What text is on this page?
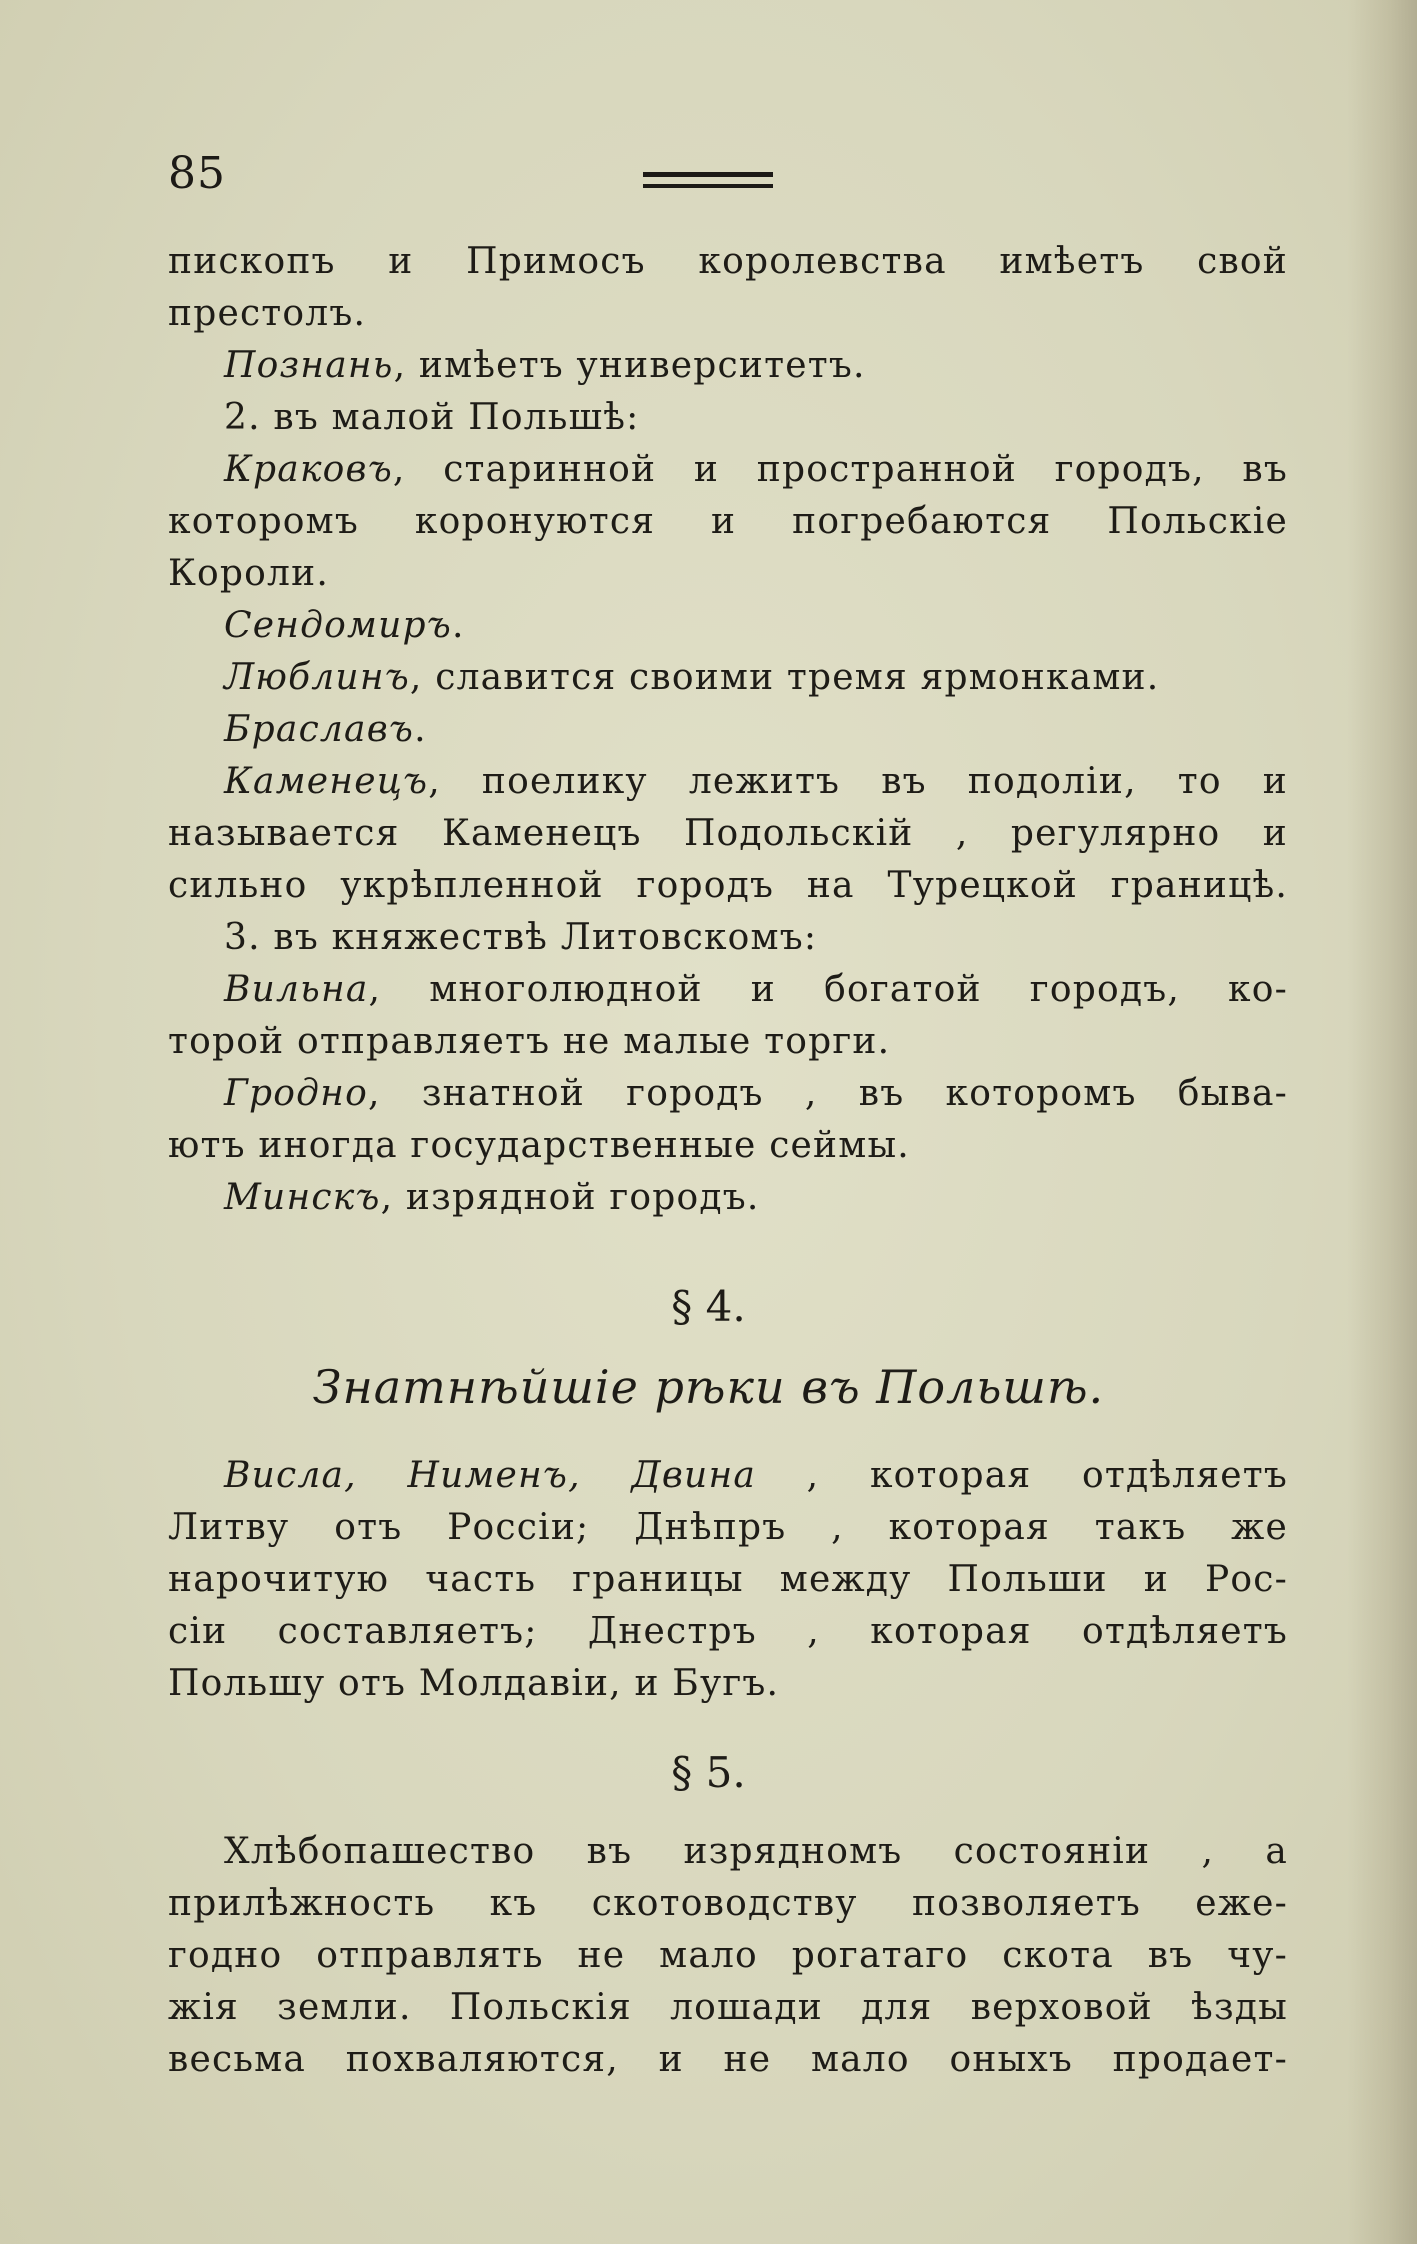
85
пископъ и Примосъ королевства имѣетъ свой
престолъ.
Познань, имѣетъ университетъ.
2. въ малой Польшѣ:
Краковъ, старинной и пространной городъ, въ
которомъ коронуются и погребаются Польскіе
Короли.
Сендомиръ.
Люблинъ, славится своими тремя ярмонками.
Браславъ.
Каменецъ, поелику лежитъ въ подоліи, то и
называется Каменецъ Подольскій , регулярно и
сильно укрѣпленной городъ на Турецкой границѣ.
3. въ княжествѣ Литовскомъ:
Вильна, многолюдной и богатой городъ, ко-
торой отправляетъ не малые торги.
Гродно, знатной городъ , въ которомъ быва-
ютъ иногда государственные сеймы.
Минскъ, изрядной городъ.
§ 4.
Знатнѣйшіе рѣки въ Польшѣ.
Висла, Нименъ, Двина , которая отдѣляетъ
Литву отъ Россіи; Днѣпръ , которая такъ же
нарочитую часть границы между Польши и Рос-
сіи составляетъ; Днестръ , которая отдѣляетъ
Польшу отъ Молдавіи, и Бугъ.
§ 5.
Хлѣбопашество въ изрядномъ состояніи , а
прилѣжность къ скотоводству позволяетъ еже-
годно отправлять не мало рогатаго скота въ чу-
жія земли. Польскія лошади для верховой ѣзды
весьма похваляются, и не мало оныхъ продает-
